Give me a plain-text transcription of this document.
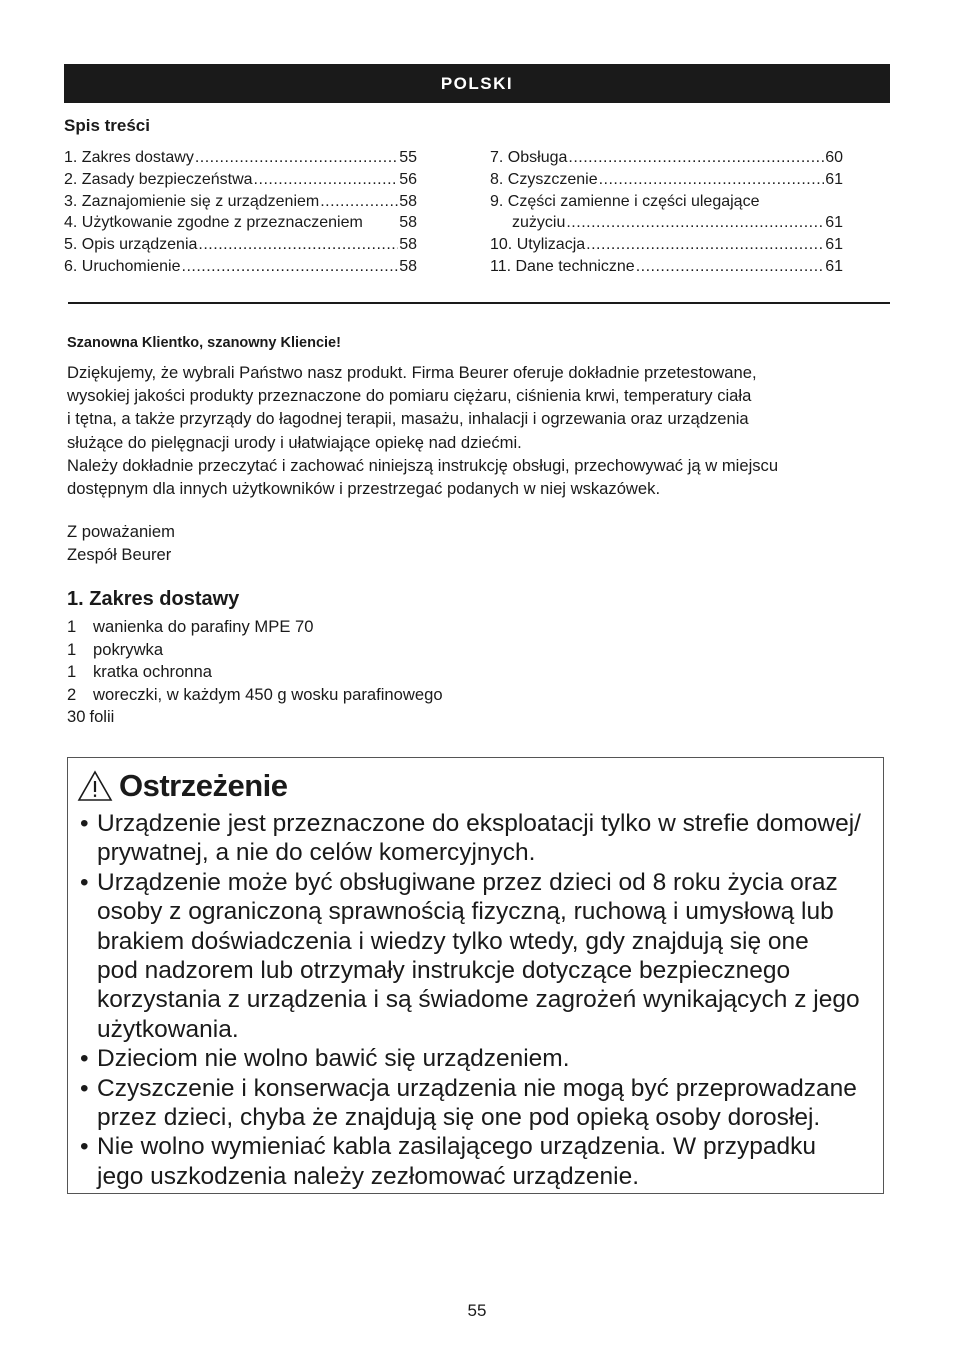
POLSKI
Spis treści
1. Zakres dostawy .....	55
2. Zasady bezpieczeństwa .....	56
3. Zaznajomienie się z urządzeniem .....	58
4. Użytkowanie zgodne z przeznaczeniem 58
5. Opis urządzenia .....	58
6. Uruchomienie .....	58
7. Obsługa .....	60
8. Czyszczenie .....	61
9. Części zamienne i części ulegające
zużyciu .....	61
10. Utylizacja .....	61
11. Dane techniczne .....	61
Szanowna Klientko, szanowny Kliencie!

Dziękujemy, że wybrali Państwo nasz produkt. Firma Beurer oferuje dokładnie przetestowane,

wysokiej jakości produkty przeznaczone do pomiaru ciężaru, ciśnienia krwi, temperatury ciała

i tętna, a także przyrządy do łagodnej terapii, masażu, inhalacji i ogrzewania oraz urządzenia

służące do pielęgnacji urody i ułatwiające opiekę nad dziećmi.

Należy dokładnie przeczytać i zachować niniejszą instrukcję obsługi, przechowywać ją w miejscu

dostępnym dla innych użytkowników i przestrzegać podanych w niej wskazówek.

Z poważaniem
Zespół Beurer
1. Zakres dostawy
1	wanienka do parafiny MPE 70
1	pokrywka
1	kratka ochronna
2	woreczki, w każdym 450 g wosku parafinowego
30 folii
Ostrzeżenie
• Urządzenie jest przeznaczone do eksploatacji tylko w strefie domowej/
prywatnej, a nie do celów komercyjnych.
• Urządzenie może być obsługiwane przez dzieci od 8 roku życia oraz
osoby z ograniczoną sprawnością fizyczną, ruchową i umysłową lub
brakiem doświadczenia i wiedzy tylko wtedy, gdy znajdują się one
pod nadzorem lub otrzymały instrukcje dotyczące bezpiecznego
korzystania z urządzenia i są świadome zagrożeń wynikających z jego
użytkowania.
• Dzieciom nie wolno bawić się urządzeniem.
• Czyszczenie i konserwacja urządzenia nie mogą być przeprowadzane
przez dzieci, chyba że znajdują się one pod opieką osoby dorosłej.
• Nie wolno wymieniać kabla zasilającego urządzenia. W przypadku
jego uszkodzenia należy zezłomować urządzenie.
55
